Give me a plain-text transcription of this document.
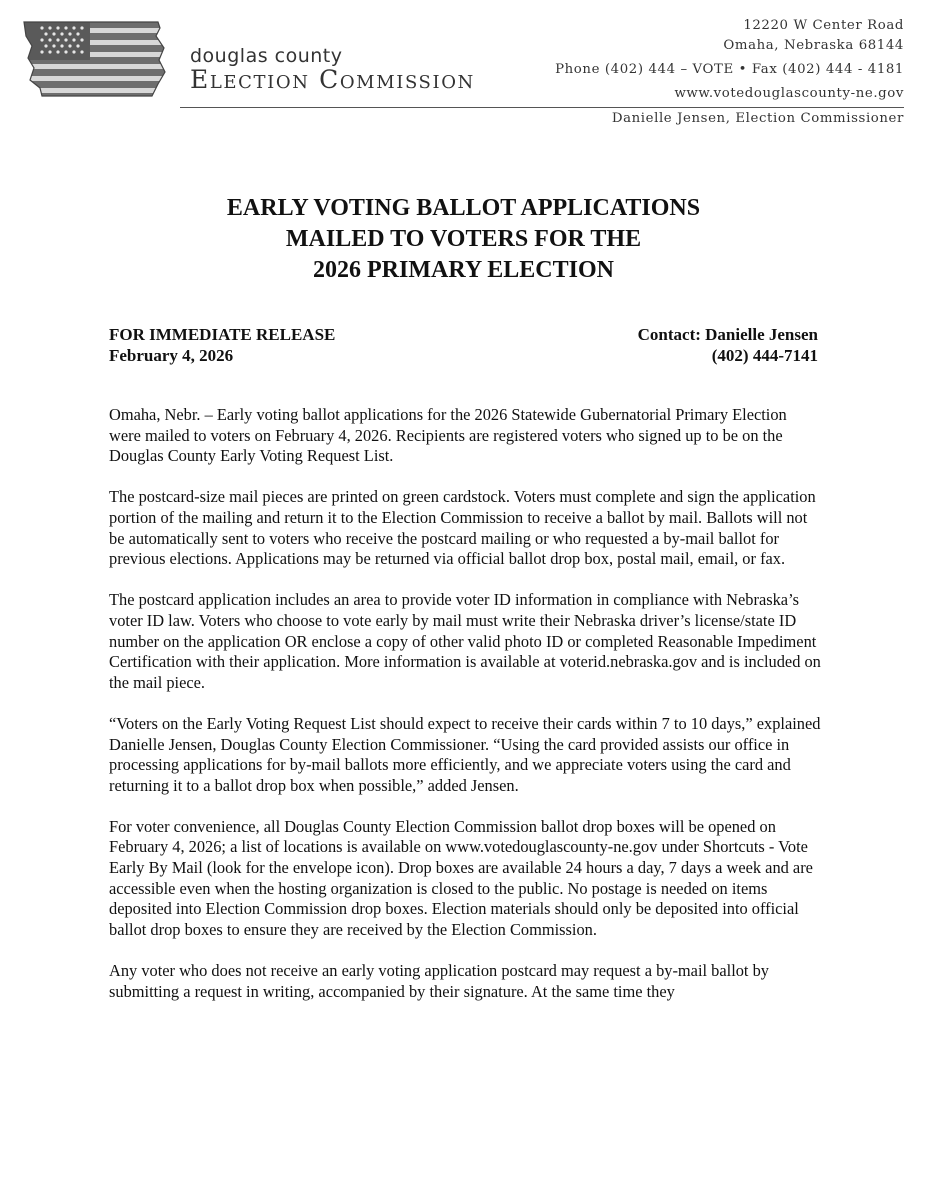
douglas county
Election Commission
12220 W Center Road
Omaha, Nebraska 68144
Phone (402) 444 – VOTE • Fax (402) 444 - 4181
www.votedouglascounty-ne.gov
Danielle Jensen, Election Commissioner
EARLY VOTING BALLOT APPLICATIONS
MAILED TO VOTERS FOR THE
2026 PRIMARY ELECTION
FOR IMMEDIATE RELEASE
February 4, 2026
Contact: Danielle Jensen
(402) 444-7141

Omaha, Nebr. – Early voting ballot applications for the 2026 Statewide Gubernatorial Primary Election were mailed to voters on February 4, 2026. Recipients are registered voters who signed up to be on the Douglas County Early Voting Request List.

The postcard-size mail pieces are printed on green cardstock. Voters must complete and sign the application portion of the mailing and return it to the Election Commission to receive a ballot by mail. Ballots will not be automatically sent to voters who receive the postcard mailing or who requested a by-mail ballot for previous elections. Applications may be returned via official ballot drop box, postal mail, email, or fax.

The postcard application includes an area to provide voter ID information in compliance with Nebraska’s voter ID law. Voters who choose to vote early by mail must write their Nebraska driver’s license/state ID number on the application OR enclose a copy of other valid photo ID or completed Reasonable Impediment Certification with their application. More information is available at voterid.nebraska.gov and is included on the mail piece.

“Voters on the Early Voting Request List should expect to receive their cards within 7 to 10 days,” explained Danielle Jensen, Douglas County Election Commissioner. “Using the card provided assists our office in processing applications for by-mail ballots more efficiently, and we appreciate voters using the card and returning it to a ballot drop box when possible,” added Jensen.

For voter convenience, all Douglas County Election Commission ballot drop boxes will be opened on February 4, 2026; a list of locations is available on www.votedouglascounty-ne.gov under Shortcuts - Vote Early By Mail (look for the envelope icon). Drop boxes are available 24 hours a day, 7 days a week and are accessible even when the hosting organization is closed to the public. No postage is needed on items deposited into Election Commission drop boxes. Election materials should only be deposited into official ballot drop boxes to ensure they are received by the Election Commission.

Any voter who does not receive an early voting application postcard may request a by-mail ballot by submitting a request in writing, accompanied by their signature. At the same time they
